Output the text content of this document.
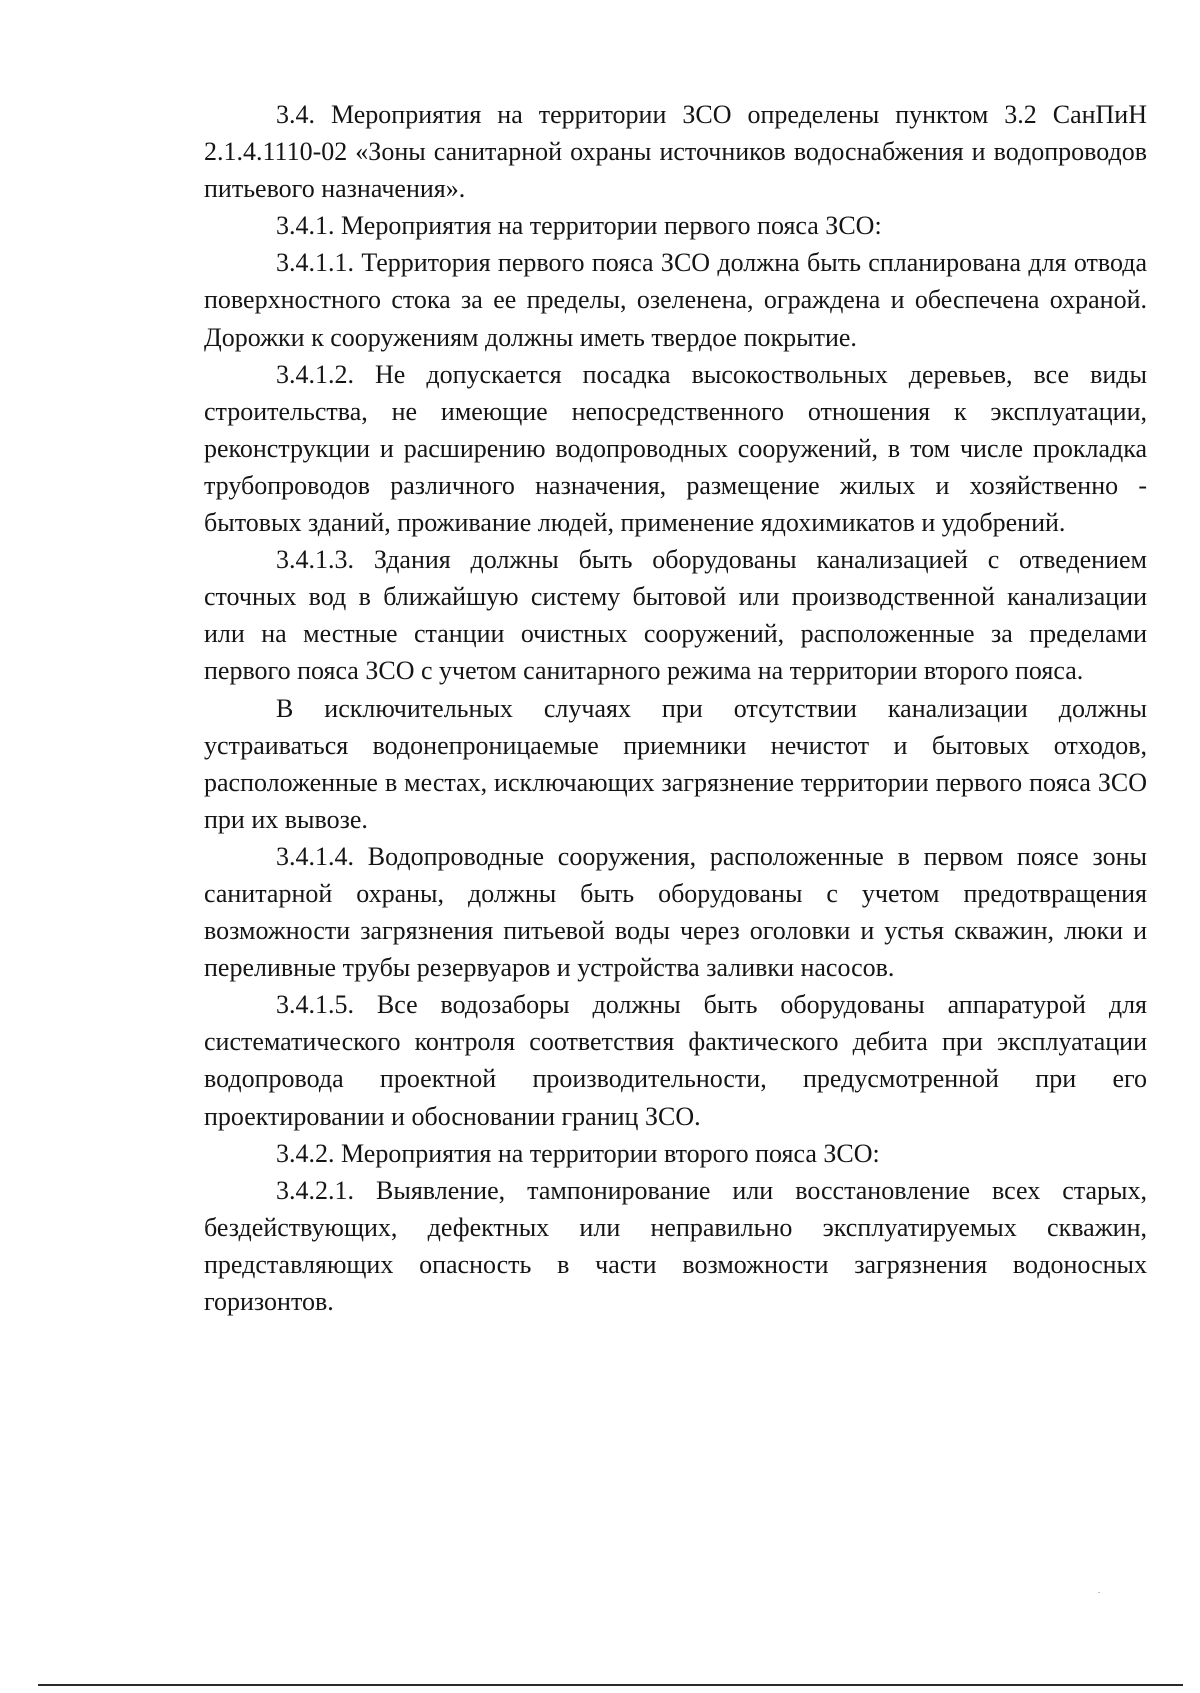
3.4. Мероприятия на территории ЗСО определены пунктом 3.2 СанПиН 2.1.4.1110-02 «Зоны санитарной охраны источников водоснабжения и водопроводов питьевого назначения».

3.4.1. Мероприятия на территории первого пояса ЗСО:

3.4.1.1. Территория первого пояса ЗСО должна быть спланирована для отвода поверхностного стока за ее пределы, озеленена, ограждена и обеспечена охраной. Дорожки к сооружениям должны иметь твердое покрытие.

3.4.1.2. Не допускается посадка высокоствольных деревьев, все виды строительства, не имеющие непосредственного отношения к эксплуатации, реконструкции и расширению водопроводных сооружений, в том числе прокладка трубопроводов различного назначения, размещение жилых и хозяйственно - бытовых зданий, проживание людей, применение ядохимикатов и удобрений.

3.4.1.3. Здания должны быть оборудованы канализацией с отведением сточных вод в ближайшую систему бытовой или производственной канализации или на местные станции очистных сооружений, расположенные за пределами первого пояса ЗСО с учетом санитарного режима на территории второго пояса.

В исключительных случаях при отсутствии канализации должны устраиваться водонепроницаемые приемники нечистот и бытовых отходов, расположенные в местах, исключающих загрязнение территории первого пояса ЗСО при их вывозе.

3.4.1.4. Водопроводные сооружения, расположенные в первом поясе зоны санитарной охраны, должны быть оборудованы с учетом предотвращения возможности загрязнения питьевой воды через оголовки и устья скважин, люки и переливные трубы резервуаров и устройства заливки насосов.

3.4.1.5. Все водозаборы должны быть оборудованы аппаратурой для систематического контроля соответствия фактического дебита при эксплуатации водопровода проектной производительности, предусмотренной при его проектировании и обосновании границ ЗСО.

3.4.2. Мероприятия на территории второго пояса ЗСО:

3.4.2.1. Выявление, тампонирование или восстановление всех старых, бездействующих, дефектных или неправильно эксплуатируемых скважин, представляющих опасность в части возможности загрязнения водоносных горизонтов.
